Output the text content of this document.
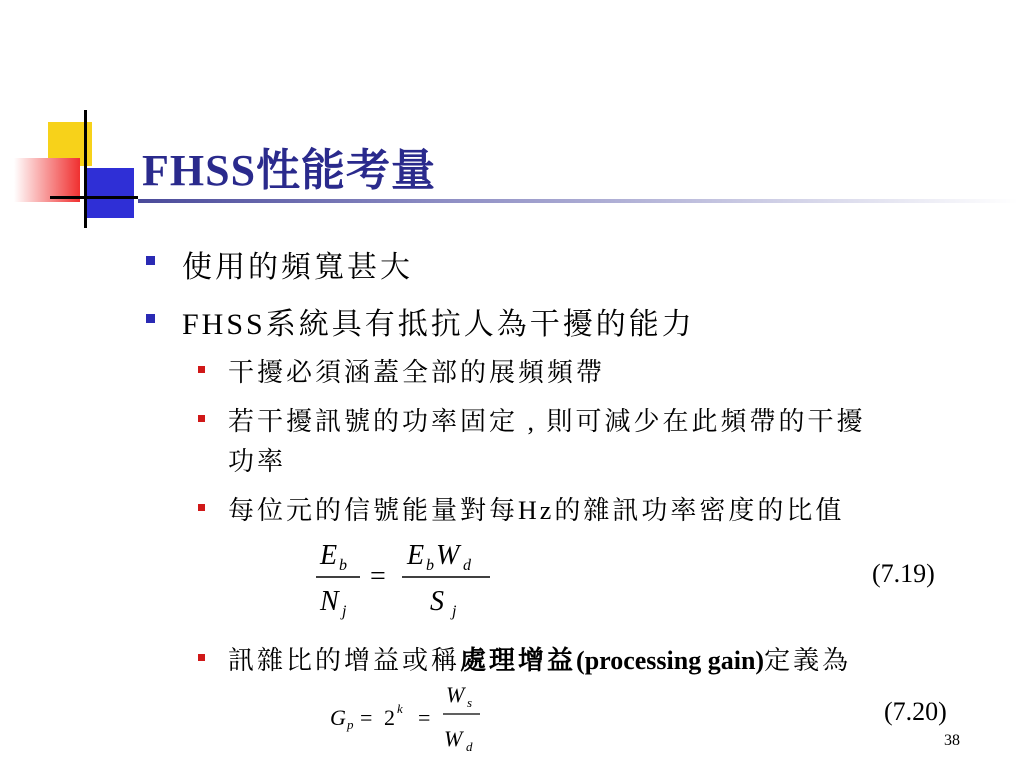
FHSS性能考量
使用的頻寬甚大
FHSS系統具有抵抗人為干擾的能力
干擾必須涵蓋全部的展頻頻帶
若干擾訊號的功率固定 , 則可減少在此頻帶的干擾
功率
每位元的信號能量對每Hz的雜訊功率密度的比值
E b
N j
=
E b W d
S j
(7.19)
訊雜比的增益或稱處理增益(processing gain)定義為
G p = 2 k =
W s
W d
(7.20)
38
